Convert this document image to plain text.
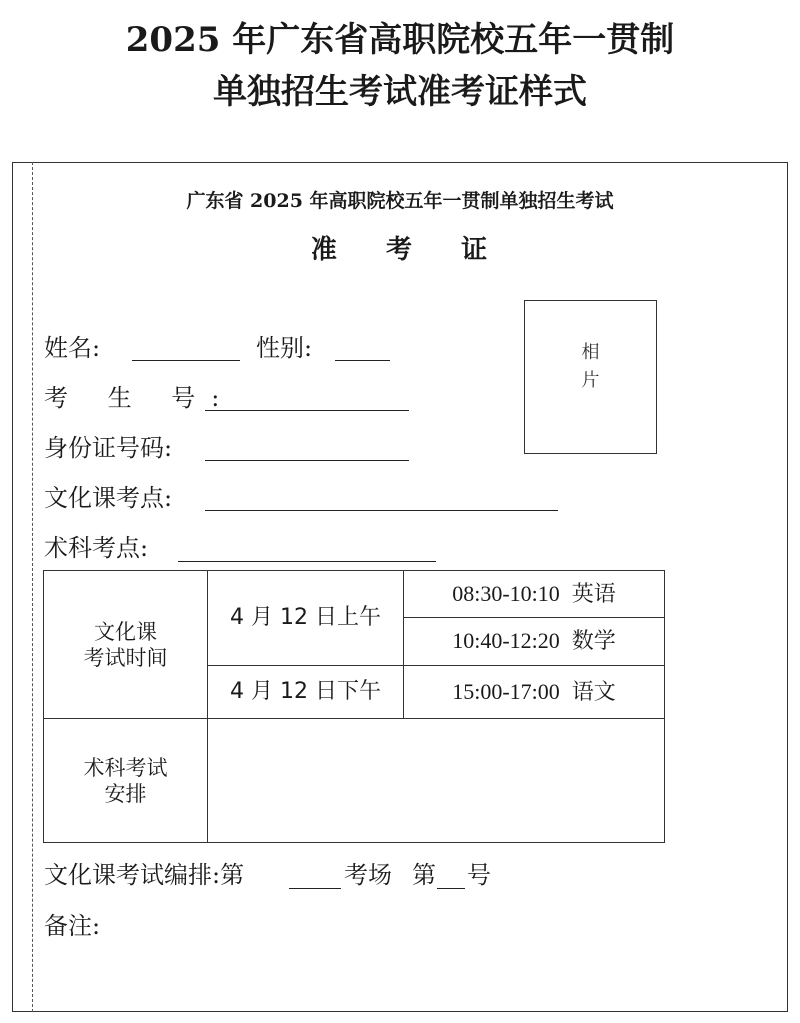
2025 年广东省高职院校五年一贯制
单独招生考试准考证样式
广东省 2025 年高职院校五年一贯制单独招生考试
准 考 证
相
片
姓名:	性别:
考 生 号:
身份证号码:
文化课考点:
术科考点:
文化课
考试时间	4 月 12 日上午	08:30-10:10 英语
		10:40-12:20 数学
	4 月 12 日下午	15:00-17:00 语文

术科考试
安排		

文化课考试编排:第	考场 第 号
备注:
